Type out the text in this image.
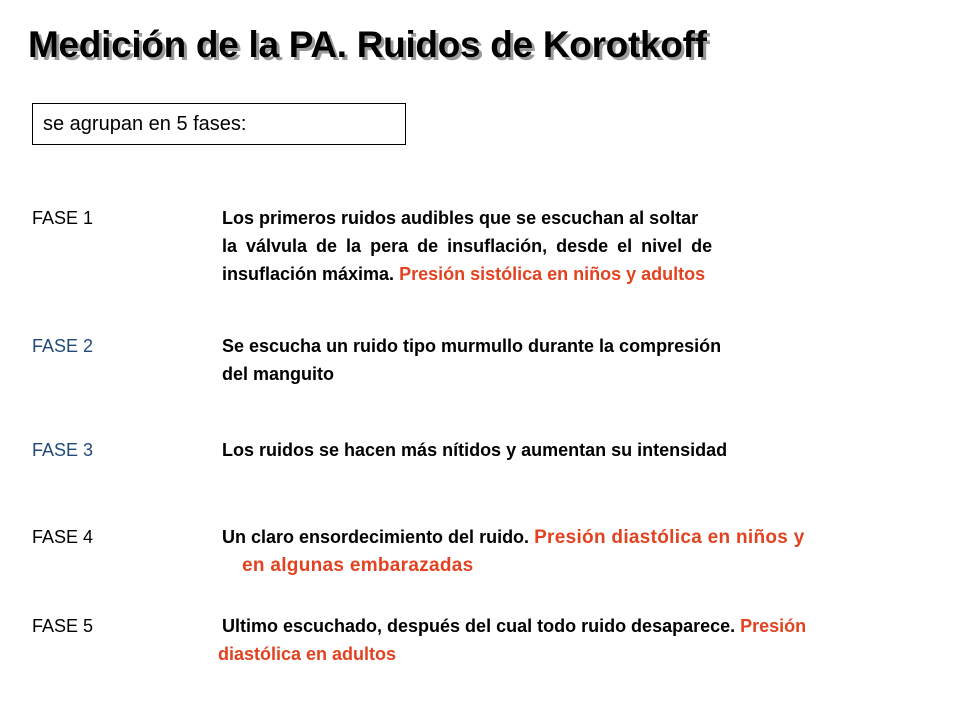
Medición de la PA. Ruidos de Korotkoff
se agrupan en 5 fases:
FASE 1	Los primeros ruidos audibles que se escuchan al soltar
la válvula de la pera de insuflación, desde el nivel de
insuflación máxima. Presión sistólica en niños y adultos
FASE 2	Se escucha un ruido tipo murmullo durante la compresión
del manguito
FASE 3	Los ruidos se hacen más nítidos y aumentan su intensidad
FASE 4	Un claro ensordecimiento del ruido. Presión diastólica en niños y
en algunas embarazadas
FASE 5	Ultimo escuchado, después del cual todo ruido desaparece. Presión
diastólica en adultos
